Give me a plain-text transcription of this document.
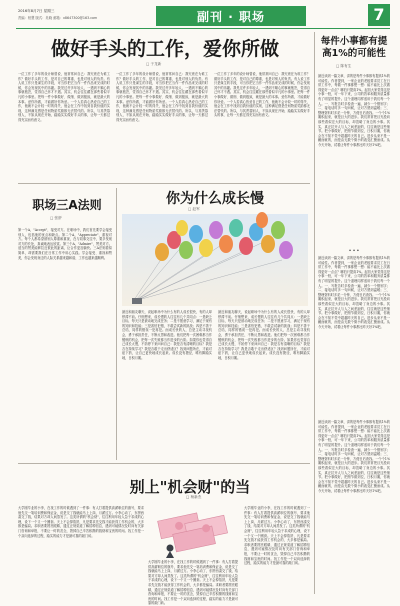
2016年8月7日 星期三
责编：柏慧 版式：吴晓 邮箱：x8647300@163.com	副刊 · 职场	7
做好手头的工作，爱你所做
□ 于龙新
一位工作了多年的设计师曾说，他常常问自己：我究竟在为谁工作？做好手头的工作，是对自己的尊重，也是对别人的负责。有人说工作只是谋生的手段，可当你把它当作一件作品来完成的时候，你会发现其中的乐趣。我见过许多年轻人，一遇到不顺心的事就抱怨，觉得自己怀才不遇。其实，机会往往藏在那些看似平凡的小事里。把每一件小事做好、做细、做到极致，就是最大的本事。爱你所做，才能做好你所爱。一个人若真心热爱自己的工作，他就不会计较一时的得失，他会在工作中找到自我价值的实现，这种满足感是任何物质奖励都无法替代的。所以，与其羡慕别人，不如从现在开始，踏踏实实做好手头的事，让每一天都过得充实而有意义。
一位工作了多年的设计师曾说，他常常问自己：我究竟在为谁工作？做好手头的工作，是对自己的尊重，也是对别人的负责。有人说工作只是谋生的手段，可当你把它当作一件作品来完成的时候，你会发现其中的乐趣。我见过许多年轻人，一遇到不顺心的事就抱怨，觉得自己怀才不遇。其实，机会往往藏在那些看似平凡的小事里。把每一件小事做好、做细、做到极致，就是最大的本事。爱你所做，才能做好你所爱。一个人若真心热爱自己的工作，他就不会计较一时的得失，他会在工作中找到自我价值的实现，这种满足感是任何物质奖励都无法替代的。所以，与其羡慕别人，不如从现在开始，踏踏实实做好手头的事，让每一天都过得充实而有意义。
一位工作了多年的设计师曾说，他常常问自己：我究竟在为谁工作？做好手头的工作，是对自己的尊重，也是对别人的负责。有人说工作只是谋生的手段，可当你把它当作一件作品来完成的时候，你会发现其中的乐趣。我见过许多年轻人，一遇到不顺心的事就抱怨，觉得自己怀才不遇。其实，机会往往藏在那些看似平凡的小事里。把每一件小事做好、做细、做到极致，就是最大的本事。爱你所做，才能做好你所爱。一个人若真心热爱自己的工作，他就不会计较一时的得失，他会在工作中找到自我价值的实现，这种满足感是任何物质奖励都无法替代的。所以，与其羡慕别人，不如从现在开始，踏踏实实做好手头的事，让每一天都过得充实而有意义。
职场三A法则
□ 张舒
第一个A，"Accept"，接受对方。在职场中，我们首先要学会接受别人，包括他的优点和缺点。第二个A，"Appreciate"，重视对方。每个人都希望被别人尊重和重视，在与同事交往中，要多发现对方的长处，真诚地表达欣赏。第三个A，"Admire"，赞美对方。适当的赞美能够拉近彼此的距离，让合作更加愉快。三A法则看似简单，却需要我们在日常工作中用心实践。学会接受、重视和赞美，你会发现身边的人际关系越来越和谐，工作也越来越顺利。
你为什么成长慢
□ 赵军
最近和朋友聊天，说起职场中为什么有的人成长很快，有的人却停滞不前。仔细想来，成长慢的人往往有几个共同点：一是缺乏目标，每天只是被动地完成任务；二是不愿意学习，满足于现有的知识和技能；三是害怕犯错，不敢尝试新的挑战；四是不善于总结，同样的错误一犯再犯。而成长快的人，总是主动寻找机会，勇于承担责任，不断反思和改进。他们把每一次困难都当作锻炼的机会，把每一次失败都当作进步的台阶。如果你也觉得自己成长太慢，不妨停下来问问自己：我是否有清晰的目标？我是否在持续学习？我是否敢于走出舒适区？找到问题所在，才能对症下药，让自己更快地成长起来。成长没有捷径，唯有脚踏实地，日积月累。
最近和朋友聊天，说起职场中为什么有的人成长很快，有的人却停滞不前。仔细想来，成长慢的人往往有几个共同点：一是缺乏目标，每天只是被动地完成任务；二是不愿意学习，满足于现有的知识和技能；三是害怕犯错，不敢尝试新的挑战；四是不善于总结，同样的错误一犯再犯。而成长快的人，总是主动寻找机会，勇于承担责任，不断反思和改进。他们把每一次困难都当作锻炼的机会，把每一次失败都当作进步的台阶。如果你也觉得自己成长太慢，不妨停下来问问自己：我是否有清晰的目标？我是否在持续学习？我是否敢于走出舒适区？找到问题所在，才能对症下药，让自己更快地成长起来。成长没有捷径，唯有脚踏实地，日积月累。
别上"机会财"的当
□ 杨新杰
大学刚毕业的小李，在找工作的时候遇到了一件事：有人打着提供高薪职位的旗号，要求他先交一笔培训费和保证金，说是交了钱就能马上上岗，月薪过万。小李心动了，东拼西凑交了钱，结果对方却人间蒸发了。这类所谓的"机会财"，往往利用年轻人急于求成的心理，设下一个又一个圈套。天上不会掉馅饼，凡是要求先交钱才能获得工作机会的，大多都是骗局。求职者要擦亮眼睛，通过正规渠道了解招聘信息，遇到可疑情况及时向有关部门咨询和举报，不要让一时的贪念，毁掉自己辛苦积攒的钱财和宝贵的时间。找工作是一个双向选择的过程，踏实的能力才是最可靠的敲门砖。
大学刚毕业的小李，在找工作的时候遇到了一件事：有人打着提供高薪职位的旗号，要求他先交一笔培训费和保证金，说是交了钱就能马上上岗，月薪过万。小李心动了，东拼西凑交了钱，结果对方却人间蒸发了。这类所谓的"机会财"，往往利用年轻人急于求成的心理，设下一个又一个圈套。天上不会掉馅饼，凡是要求先交钱才能获得工作机会的，大多都是骗局。求职者要擦亮眼睛，通过正规渠道了解招聘信息，遇到可疑情况及时向有关部门咨询和举报，不要让一时的贪念，毁掉自己辛苦积攒的钱财和宝贵的时间。找工作是一个双向选择的过程，踏实的能力才是最可靠的敲门砖。
大学刚毕业的小李，在找工作的时候遇到了一件事：有人打着提供高薪职位的旗号，要求他先交一笔培训费和保证金，说是交了钱就能马上上岗，月薪过万。小李心动了，东拼西凑交了钱，结果对方却人间蒸发了。这类所谓的"机会财"，往往利用年轻人急于求成的心理，设下一个又一个圈套。天上不会掉馅饼，凡是要求先交钱才能获得工作机会的，大多都是骗局。求职者要擦亮眼睛，通过正规渠道了解招聘信息，遇到可疑情况及时向有关部门咨询和举报，不要让一时的贪念，毁掉自己辛苦积攒的钱财和宝贵的时间。找工作是一个双向选择的过程，踏实的能力才是最可靠的敲门砖。
每件小事都有提高1%的可能性
□ 陈有生
最近读到一篇文章，讲的是每件小事都有提高1%的可能性。作者提到，一家企业的老板要求员工在日常工作中，每做一件事都想一想：能不能比上次做得更好一点点？哪怕只提高1%。起初大家觉得这是小事一桩，可一年下来，公司的效率和服务质量都有了明显的提升。这个道理同样适用于我们每一个人。一、写报告时多检查一遍，减少一个错别字；二、接电话时多一句问候，让对方感到温暖；三、整理资料时多花一分钟，方便日后查找。一个个1%累积起来，就是巨大的进步。我们常常把目光投向那些看似宏大的目标，却忽略了身边的小事。其实，真正拉开人与人之间差距的，往往就是这些细节。把小事做好，把细节做到位，日积月累，你就会在不知不觉中超越昨天的自己。进步从来不是一蹴而就的，而是由无数个微小的改变汇聚而成。从今天开始，试着让每件小事都比昨天好1%吧。
• • •
最近读到一篇文章，讲的是每件小事都有提高1%的可能性。作者提到，一家企业的老板要求员工在日常工作中，每做一件事都想一想：能不能比上次做得更好一点点？哪怕只提高1%。起初大家觉得这是小事一桩，可一年下来，公司的效率和服务质量都有了明显的提升。这个道理同样适用于我们每一个人。一、写报告时多检查一遍，减少一个错别字；二、接电话时多一句问候，让对方感到温暖；三、整理资料时多花一分钟，方便日后查找。一个个1%累积起来，就是巨大的进步。我们常常把目光投向那些看似宏大的目标，却忽略了身边的小事。其实，真正拉开人与人之间差距的，往往就是这些细节。把小事做好，把细节做到位，日积月累，你就会在不知不觉中超越昨天的自己。进步从来不是一蹴而就的，而是由无数个微小的改变汇聚而成。从今天开始，试着让每件小事都比昨天好1%吧。
最近读到一篇文章，讲的是每件小事都有提高1%的可能性。作者提到，一家企业的老板要求员工在日常工作中，每做一件事都想一想：能不能比上次做得更好一点点？哪怕只提高1%。起初大家觉得这是小事一桩，可一年下来，公司的效率和服务质量都有了明显的提升。这个道理同样适用于我们每一个人。一、写报告时多检查一遍，减少一个错别字；二、接电话时多一句问候，让对方感到温暖；三、整理资料时多花一分钟，方便日后查找。一个个1%累积起来，就是巨大的进步。我们常常把目光投向那些看似宏大的目标，却忽略了身边的小事。其实，真正拉开人与人之间差距的，往往就是这些细节。把小事做好，把细节做到位，日积月累，你就会在不知不觉中超越昨天的自己。进步从来不是一蹴而就的，而是由无数个微小的改变汇聚而成。从今天开始，试着让每件小事都比昨天好1%吧。
